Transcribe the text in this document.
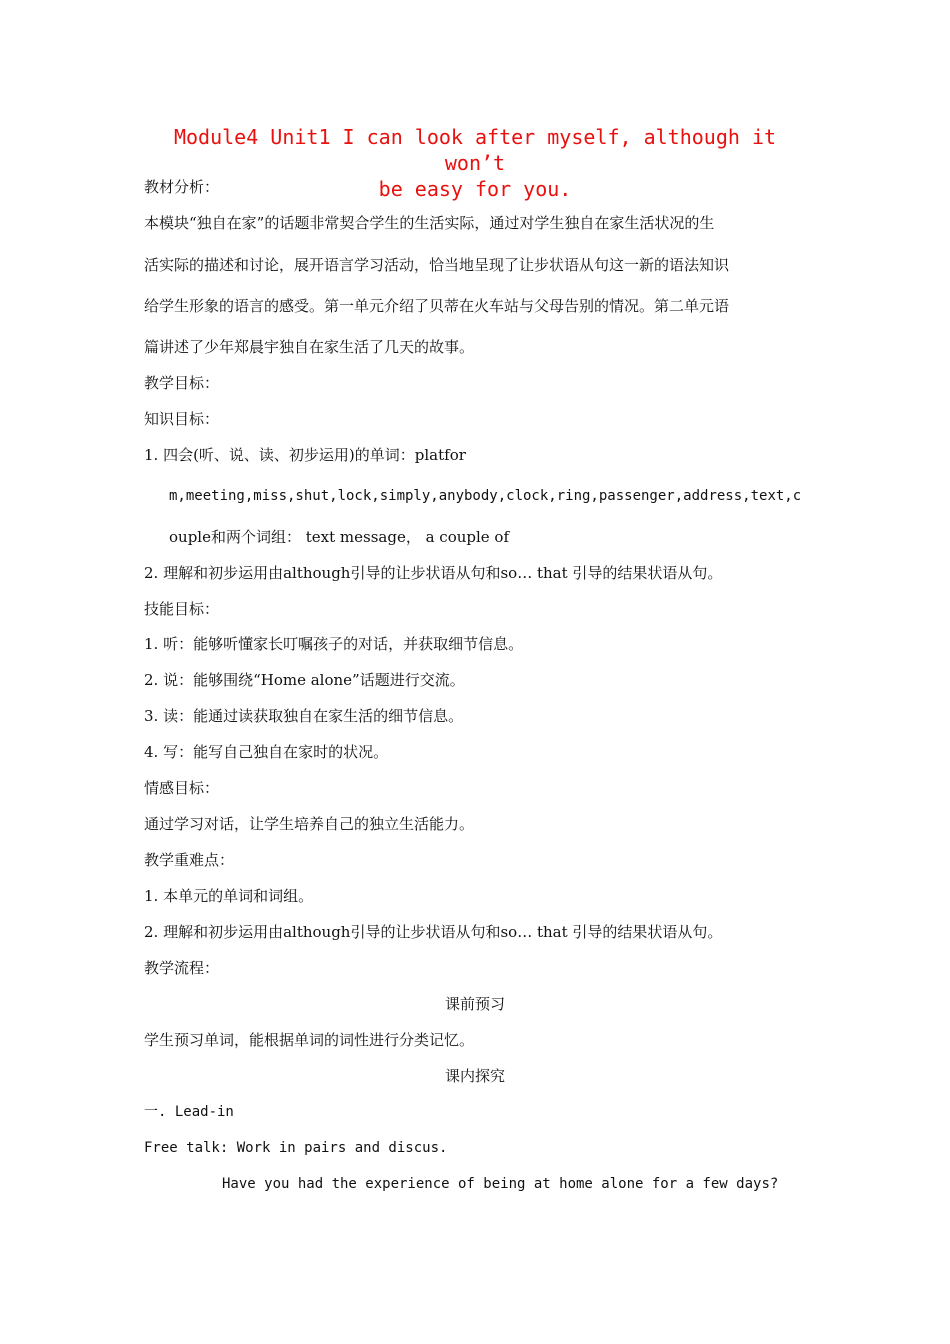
Module4 Unit1 I can look after myself, although it won’t
be easy for you.
教材分析：
本模块“独自在家”的话题非常契合学生的生活实际，通过对学生独自在家生活状况的生
活实际的描述和讨论，展开语言学习活动，恰当地呈现了让步状语从句这一新的语法知识
给学生形象的语言的感受。第一单元介绍了贝蒂在火车站与父母告别的情况。第二单元语
篇讲述了少年郑晨宇独自在家生活了几天的故事。
教学目标：
知识目标：
1. 四会(听、说、读、初步运用)的单词：platfor
m,meeting,miss,shut,lock,simply,anybody,clock,ring,passenger,address,text,c
ouple和两个词组： text message， a couple of
2. 理解和初步运用由although引导的让步状语从句和so… that 引导的结果状语从句。
技能目标：
1. 听：能够听懂家长叮嘱孩子的对话，并获取细节信息。
2. 说：能够围绕“Home alone”话题进行交流。
3. 读：能通过读获取独自在家生活的细节信息。
4. 写：能写自己独自在家时的状况。
情感目标：
通过学习对话，让学生培养自己的独立生活能力。
教学重难点：
1. 本单元的单词和词组。
2. 理解和初步运用由although引导的让步状语从句和so… that 引导的结果状语从句。
教学流程：
课前预习
学生预习单词，能根据单词的词性进行分类记忆。
课内探究
一. Lead-in
Free talk: Work in pairs and discus.
Have you had the experience of being at home alone for a few days?
